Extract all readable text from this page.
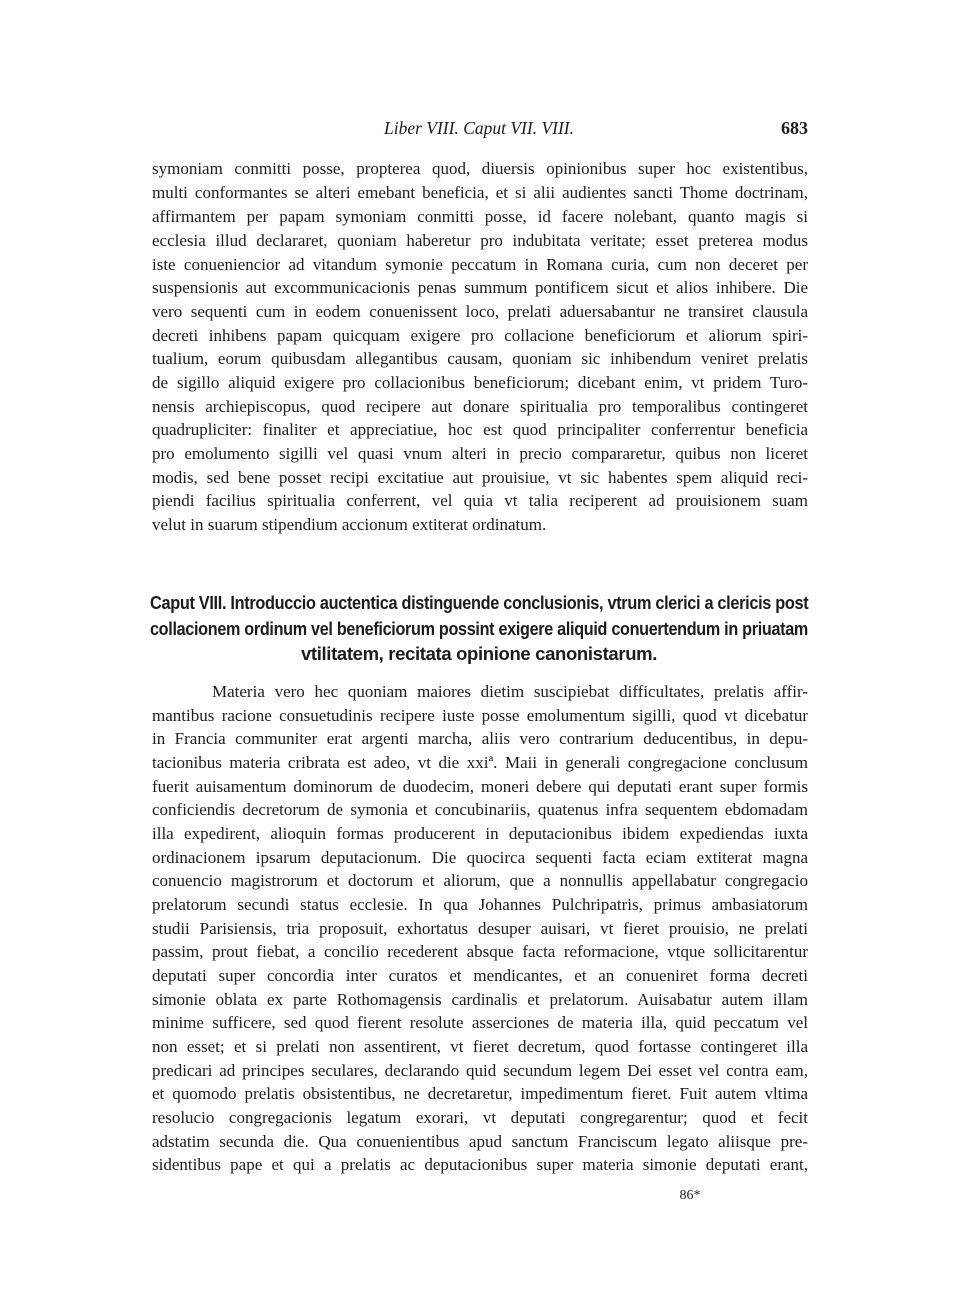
Liber VIII. Caput VII. VIII.	683
symoniam conmitti posse, propterea quod, diuersis opinionibus super hoc existentibus,
multi conformantes se alteri emebant beneficia, et si alii audientes sancti Thome doctrinam,
affirmantem per papam symoniam conmitti posse, id facere nolebant, quanto magis si
ecclesia illud declararet, quoniam haberetur pro indubitata veritate; esset preterea modus
iste conueniencior ad vitandum symonie peccatum in Romana curia, cum non deceret per
suspensionis aut excommunicacionis penas summum pontificem sicut et alios inhibere. Die
vero sequenti cum in eodem conuenissent loco, prelati aduersabantur ne transiret clausula
decreti inhibens papam quicquam exigere pro collacione beneficiorum et aliorum spiri-
tualium, eorum quibusdam allegantibus causam, quoniam sic inhibendum veniret prelatis
de sigillo aliquid exigere pro collacionibus beneficiorum; dicebant enim, vt pridem Turo-
nensis archiepiscopus, quod recipere aut donare spiritualia pro temporalibus contingeret
quadrupliciter: finaliter et appreciatiue, hoc est quod principaliter conferrentur beneficia
pro emolumento sigilli vel quasi vnum alteri in precio compararetur, quibus non liceret
modis, sed bene posset recipi excitatiue aut prouisiue, vt sic habentes spem aliquid reci-
piendi facilius spiritualia conferrent, vel quia vt talia reciperent ad prouisionem suam
velut in suarum stipendium accionum extiterat ordinatum.
Caput VIII. Introduccio auctentica distinguende conclusionis, vtrum clerici a clericis post
collacionem ordinum vel beneficiorum possint exigere aliquid conuertendum in priuatam
vtilitatem, recitata opinione canonistarum.
Materia vero hec quoniam maiores dietim suscipiebat difficultates, prelatis affir-
mantibus racione consuetudinis recipere iuste posse emolumentum sigilli, quod vt dicebatur
in Francia communiter erat argenti marcha, aliis vero contrarium deducentibus, in depu-
tacionibus materia cribrata est adeo, vt die xxiª. Maii in generali congregacione conclusum
fuerit auisamentum dominorum de duodecim, moneri debere qui deputati erant super formis
conficiendis decretorum de symonia et concubinariis, quatenus infra sequentem ebdomadam
illa expedirent, alioquin formas producerent in deputacionibus ibidem expediendas iuxta
ordinacionem ipsarum deputacionum. Die quocirca sequenti facta eciam extiterat magna
conuencio magistrorum et doctorum et aliorum, que a nonnullis appellabatur congregacio
prelatorum secundi status ecclesie. In qua Johannes Pulchripatris, primus ambasiatorum
studii Parisiensis, tria proposuit, exhortatus desuper auisari, vt fieret prouisio, ne prelati
passim, prout fiebat, a concilio recederent absque facta reformacione, vtque sollicitarentur
deputati super concordia inter curatos et mendicantes, et an conueniret forma decreti
simonie oblata ex parte Rothomagensis cardinalis et prelatorum. Auisabatur autem illam
minime sufficere, sed quod fierent resolute asserciones de materia illa, quid peccatum vel
non esset; et si prelati non assentirent, vt fieret decretum, quod fortasse contingeret illa
predicari ad principes seculares, declarando quid secundum legem Dei esset vel contra eam,
et quomodo prelatis obsistentibus, ne decretaretur, impedimentum fieret. Fuit autem vltima
resolucio congregacionis legatum exorari, vt deputati congregarentur; quod et fecit
adstatim secunda die. Qua conuenientibus apud sanctum Franciscum legato aliisque pre-
sidentibus pape et qui a prelatis ac deputacionibus super materia simonie deputati erant,
86*
